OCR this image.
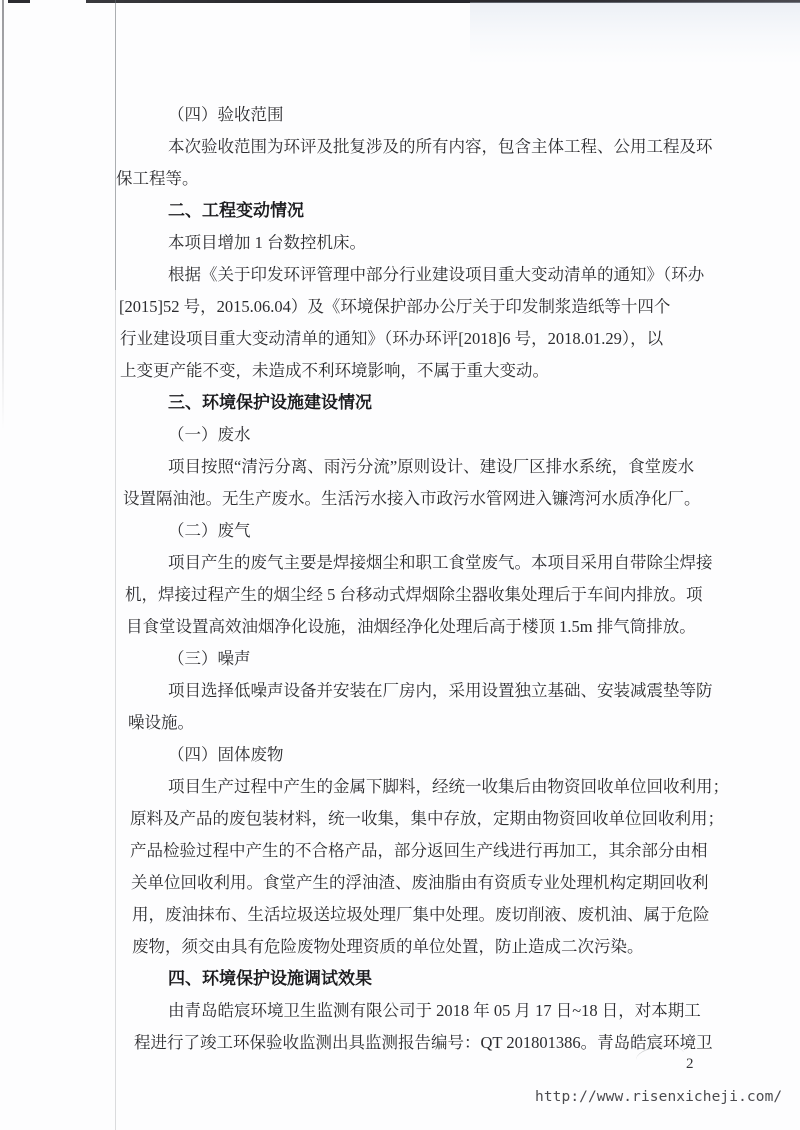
（四）验收范围
本次验收范围为环评及批复涉及的所有内容，包含主体工程、公用工程及环
保工程等。
二、工程变动情况
本项目增加 1 台数控机床。
根据《关于印发环评管理中部分行业建设项目重大变动清单的通知》（环办
[2015]52 号，2015.06.04）及《环境保护部办公厅关于印发制浆造纸等十四个
行业建设项目重大变动清单的通知》（环办环评[2018]6 号，2018.01.29），以
上变更产能不变，未造成不利环境影响，不属于重大变动。
三、环境保护设施建设情况
（一）废水
项目按照“清污分离、雨污分流”原则设计、建设厂区排水系统，食堂废水
设置隔油池。无生产废水。生活污水接入市政污水管网进入镰湾河水质净化厂。
（二）废气
项目产生的废气主要是焊接烟尘和职工食堂废气。本项目采用自带除尘焊接
机，焊接过程产生的烟尘经 5 台移动式焊烟除尘器收集处理后于车间内排放。项
目食堂设置高效油烟净化设施，油烟经净化处理后高于楼顶 1.5m 排气筒排放。
（三）噪声
项目选择低噪声设备并安装在厂房内，采用设置独立基础、安装减震垫等防
噪设施。
（四）固体废物
项目生产过程中产生的金属下脚料，经统一收集后由物资回收单位回收利用；
原料及产品的废包装材料，统一收集，集中存放，定期由物资回收单位回收利用；
产品检验过程中产生的不合格产品，部分返回生产线进行再加工，其余部分由相
关单位回收利用。食堂产生的浮油渣、废油脂由有资质专业处理机构定期回收利
用，废油抹布、生活垃圾送垃圾处理厂集中处理。废切削液、废机油、属于危险
废物，须交由具有危险废物处理资质的单位处置，防止造成二次污染。
四、环境保护设施调试效果
由青岛皓宸环境卫生监测有限公司于 2018 年 05 月 17 日~18 日，对本期工
程进行了竣工环保验收监测出具监测报告编号：QT 201801386。青岛皓宸环境卫
2
http://www.risenxicheji.com/
